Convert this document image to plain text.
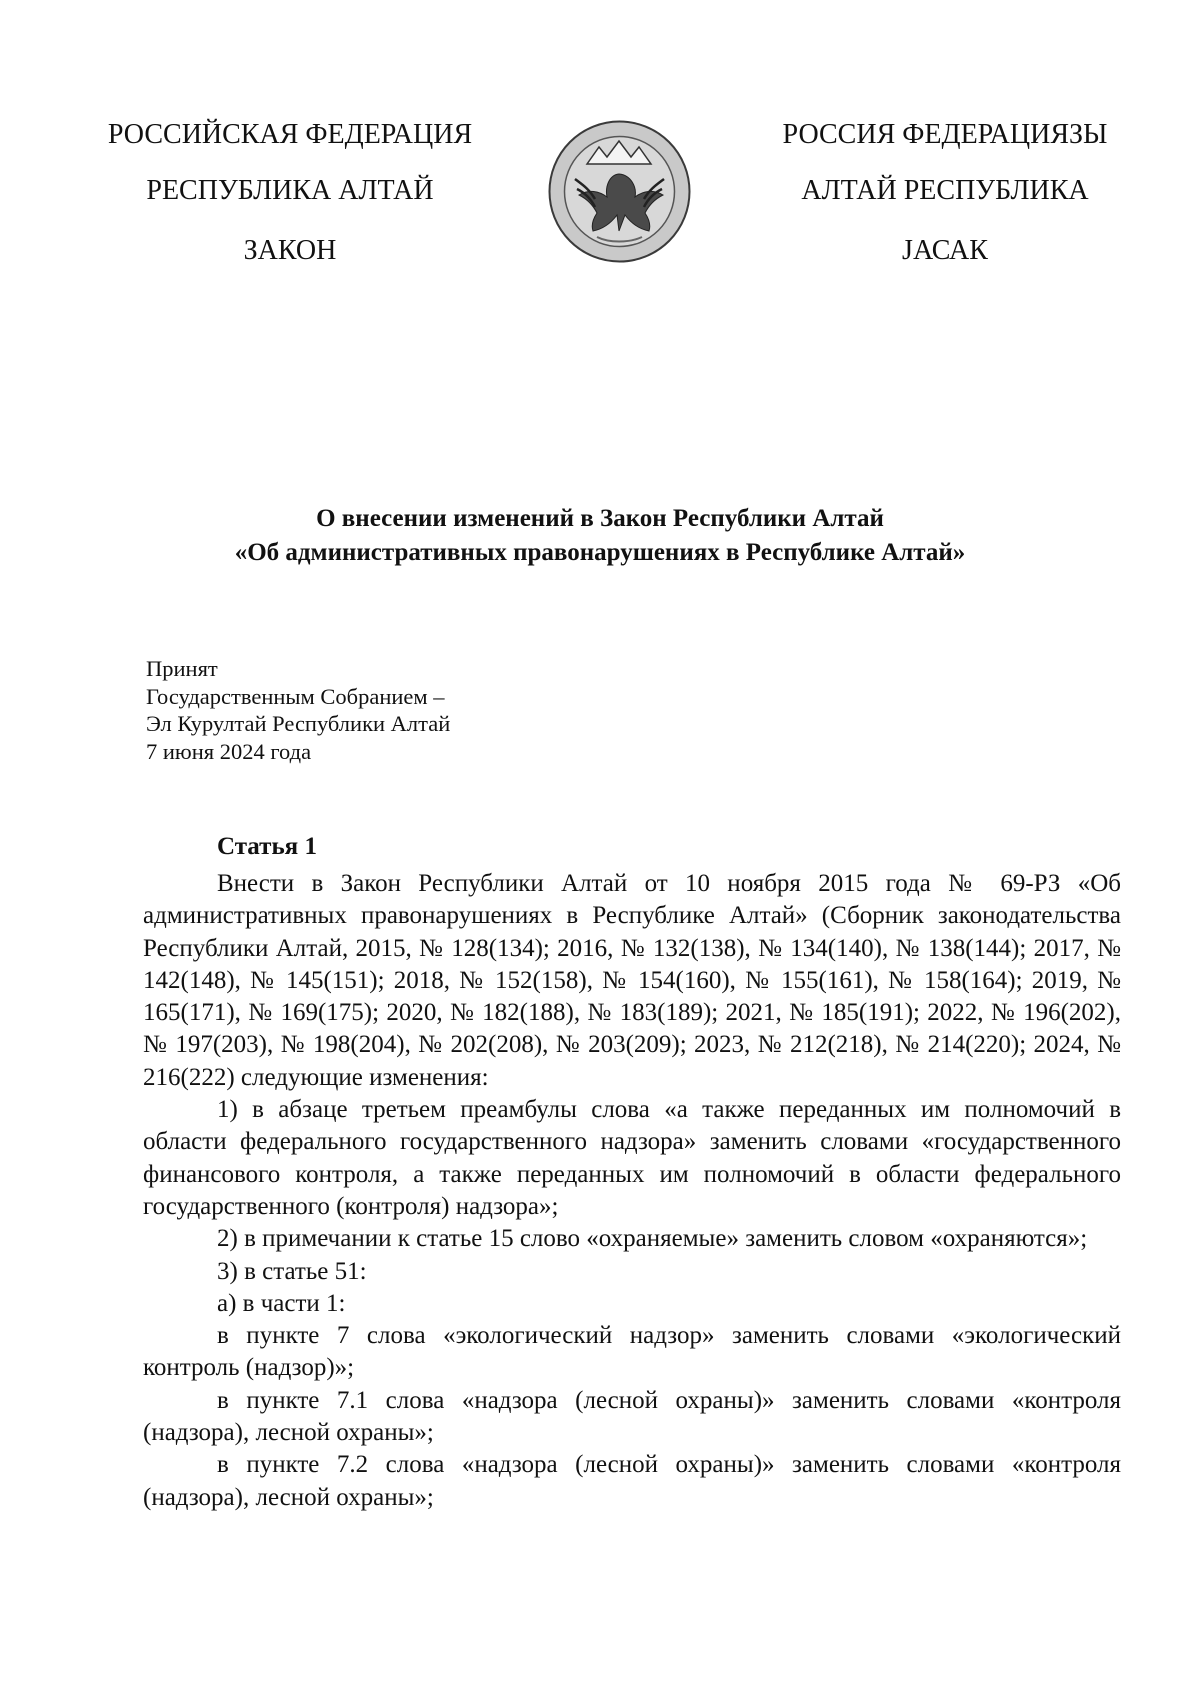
РОССИЙСКАЯ ФЕДЕРАЦИЯ
РЕСПУБЛИКА АЛТАЙ
ЗАКОН
РОССИЯ ФЕДЕРАЦИЯЗЫ
АЛТАЙ РЕСПУБЛИКА
ЈАСАК
О внесении изменений в Закон Республики Алтай
«Об административных правонарушениях в Республике Алтай»
Принят
Государственным Собранием –
Эл Курултай Республики Алтай
7 июня 2024 года
Статья 1

Внести в Закон Республики Алтай от 10 ноября 2015 года № 69-РЗ «Об административных правонарушениях в Республике Алтай» (Сборник законодательства Республики Алтай, 2015, № 128(134); 2016, № 132(138), № 134(140), № 138(144); 2017, № 142(148), № 145(151); 2018, № 152(158), № 154(160), № 155(161), № 158(164); 2019, № 165(171), № 169(175); 2020, № 182(188), № 183(189); 2021, № 185(191); 2022, № 196(202), № 197(203), № 198(204), № 202(208), № 203(209); 2023, № 212(218), № 214(220); 2024, № 216(222) следующие изменения:

1) в абзаце третьем преамбулы слова «а также переданных им полномочий в области федерального государственного надзора» заменить словами «государственного финансового контроля, а также переданных им полномочий в области федерального государственного (контроля) надзора»;

2) в примечании к статье 15 слово «охраняемые» заменить словом «охраняются»;

3) в статье 51:

а) в части 1:

в пункте 7 слова «экологический надзор» заменить словами «экологический контроль (надзор)»;

в пункте 7.1 слова «надзора (лесной охраны)» заменить словами «контроля (надзора), лесной охраны»;

в пункте 7.2 слова «надзора (лесной охраны)» заменить словами «контроля (надзора), лесной охраны»;
